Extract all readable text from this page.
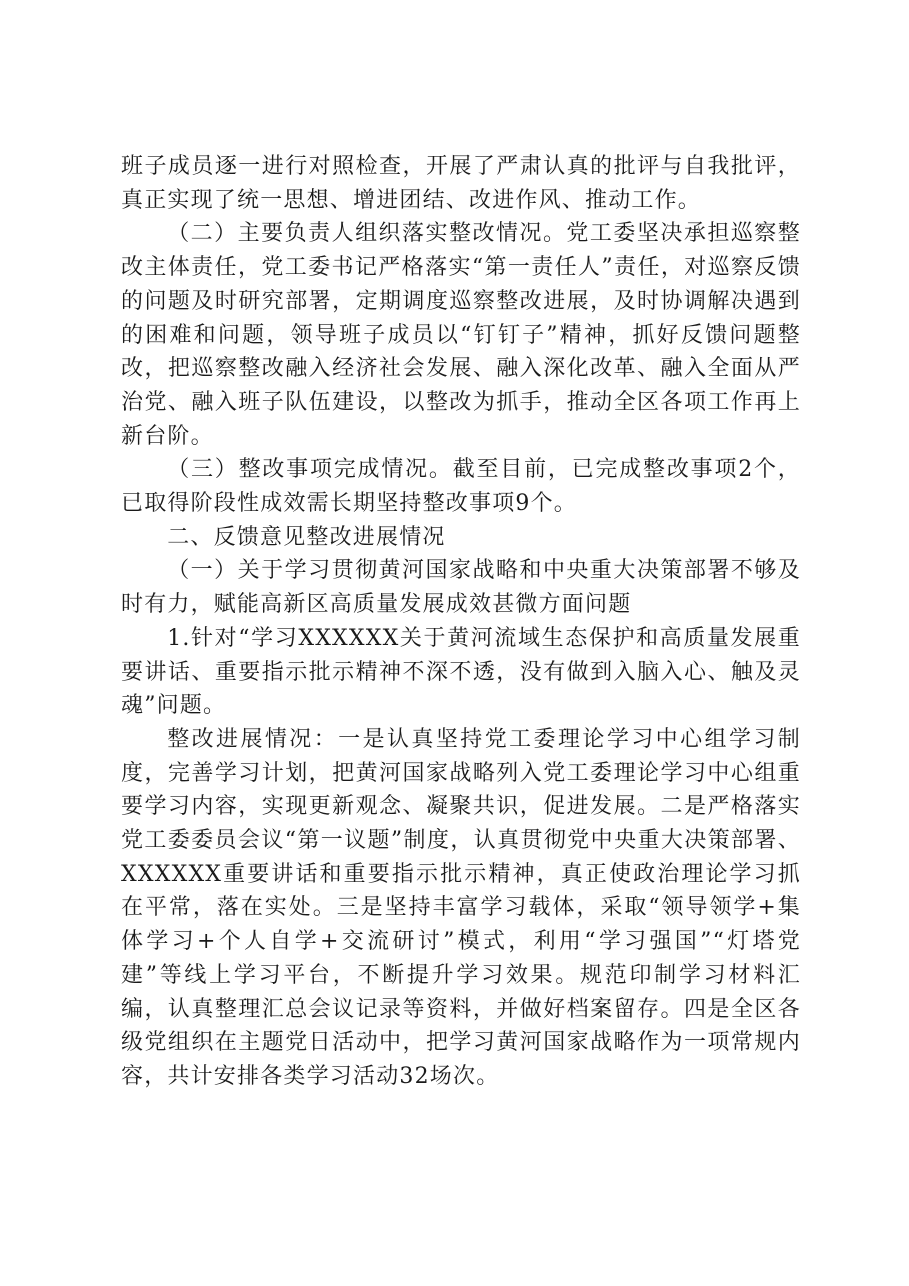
班子成员逐一进行对照检查，开展了严肃认真的批评与自我批评，真正实现了统一思想、增进团结、改进作风、推动工作。

（二）主要负责人组织落实整改情况。党工委坚决承担巡察整改主体责任，党工委书记严格落实“第一责任人”责任，对巡察反馈的问题及时研究部署，定期调度巡察整改进展，及时协调解决遇到的困难和问题，领导班子成员以“钉钉子”精神，抓好反馈问题整改，把巡察整改融入经济社会发展、融入深化改革、融入全面从严治党、融入班子队伍建设，以整改为抓手，推动全区各项工作再上新台阶。

（三）整改事项完成情况。截至目前，已完成整改事项2个，已取得阶段性成效需长期坚持整改事项9个。

二、反馈意见整改进展情况

（一）关于学习贯彻黄河国家战略和中央重大决策部署不够及时有力，赋能高新区高质量发展成效甚微方面问题

1.针对“学习XXXXXX关于黄河流域生态保护和高质量发展重要讲话、重要指示批示精神不深不透，没有做到入脑入心、触及灵魂”问题。

整改进展情况：一是认真坚持党工委理论学习中心组学习制度，完善学习计划，把黄河国家战略列入党工委理论学习中心组重要学习内容，实现更新观念、凝聚共识，促进发展。二是严格落实党工委委员会议“第一议题”制度，认真贯彻党中央重大决策部署、XXXXXX重要讲话和重要指示批示精神，真正使政治理论学习抓在平常，落在实处。三是坚持丰富学习载体，采取“领导领学+集体学习+个人自学+交流研讨”模式，利用“学习强国”“灯塔党建”等线上学习平台，不断提升学习效果。规范印制学习材料汇编，认真整理汇总会议记录等资料，并做好档案留存。四是全区各级党组织在主题党日活动中，把学习黄河国家战略作为一项常规内容，共计安排各类学习活动32场次。
